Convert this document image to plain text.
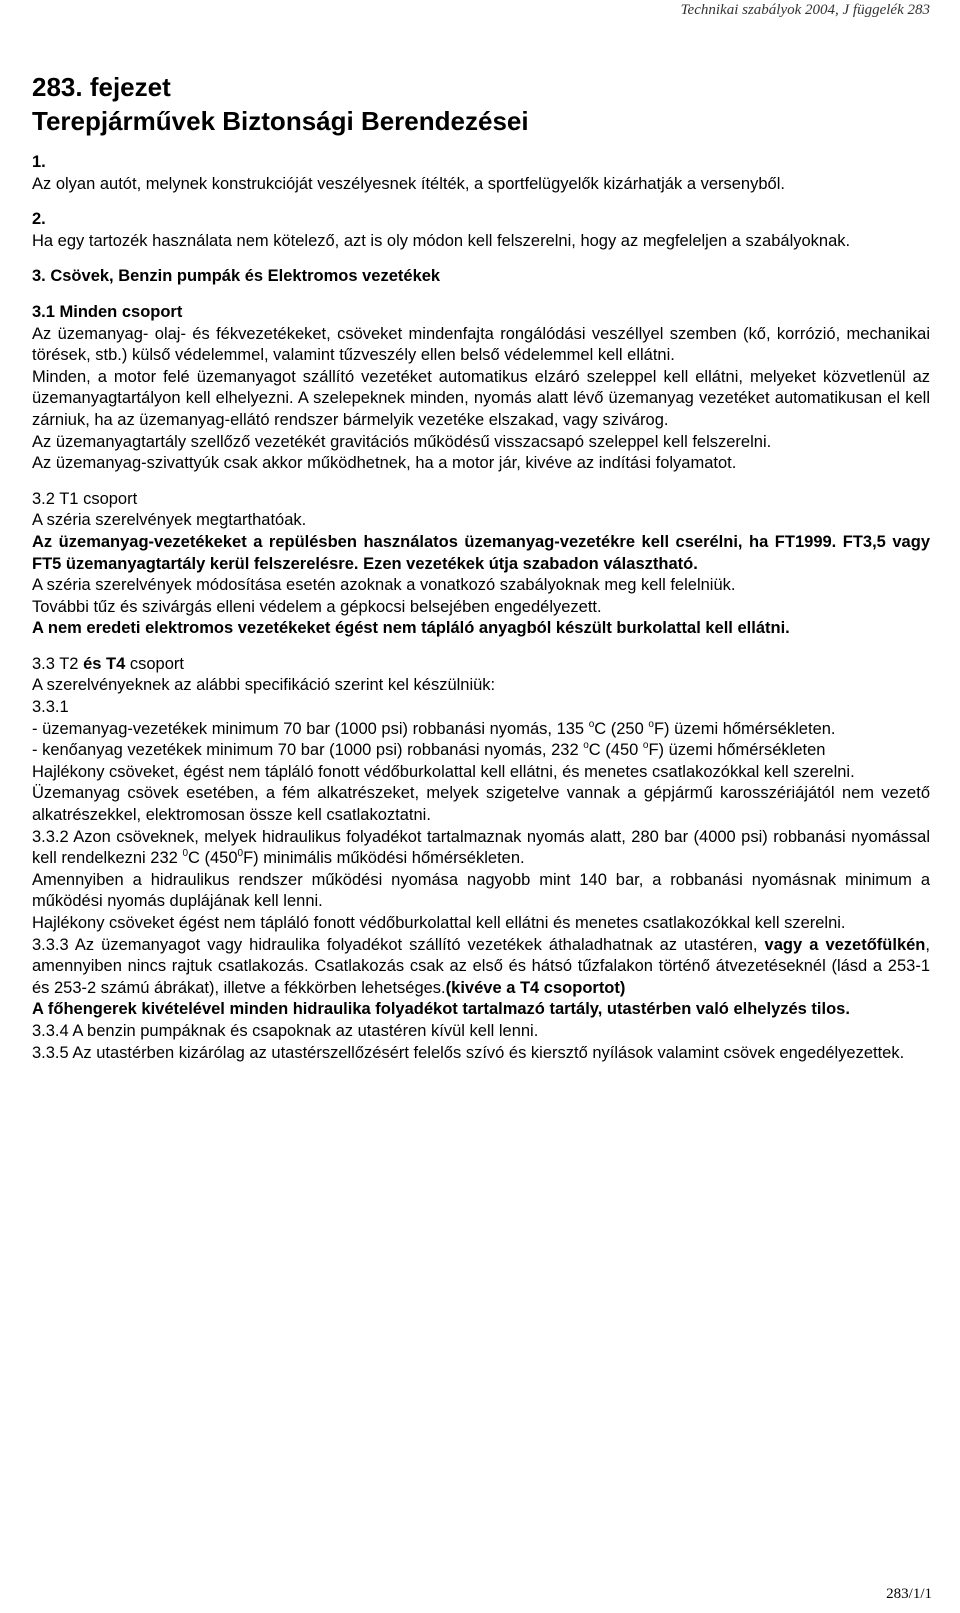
Technikai szabályok 2004, J függelék 283

283. fejezet

Terepjárművek Biztonsági Berendezései

1.

Az olyan autót, melynek konstrukcióját veszélyesnek ítélték, a sportfelügyelők kizárhatják a versenyből.

2.

Ha egy tartozék használata nem kötelező, azt is oly módon kell felszerelni, hogy az megfeleljen a szabályoknak.

3. Csövek, Benzin pumpák és Elektromos vezetékek

3.1 Minden csoport

Az üzemanyag- olaj- és fékvezetékeket, csöveket mindenfajta rongálódási veszéllyel szemben (kő, korrózió, mechanikai törések, stb.) külső védelemmel, valamint tűzveszély ellen belső védelemmel kell ellátni.

Minden, a motor felé üzemanyagot szállító vezetéket automatikus elzáró szeleppel kell ellátni, melyeket közvetlenül az üzemanyagtartályon kell elhelyezni. A szelepeknek minden, nyomás alatt lévő üzemanyag vezetéket automatikusan el kell zárniuk, ha az üzemanyag-ellátó rendszer bármelyik vezetéke elszakad, vagy szivárog.

Az üzemanyagtartály szellőző vezetékét gravitációs működésű visszacsapó szeleppel kell felszerelni.

Az üzemanyag-szivattyúk csak akkor működhetnek, ha a motor jár, kivéve az indítási folyamatot.

3.2 T1 csoport

A széria szerelvények megtarthatóak.

Az üzemanyag-vezetékeket a repülésben használatos üzemanyag-vezetékre kell cserélni, ha FT1999. FT3,5 vagy FT5 üzemanyagtartály kerül felszerelésre. Ezen vezetékek útja szabadon választható.

A széria szerelvények módosítása esetén azoknak a vonatkozó szabályoknak meg kell felelniük.

További tűz és szivárgás elleni védelem a gépkocsi belsejében engedélyezett.

A nem eredeti elektromos vezetékeket égést nem tápláló anyagból készült burkolattal kell ellátni.

3.3 T2 és T4 csoport

A szerelvényeknek az alábbi specifikáció szerint kel készülniük:

3.3.1

- üzemanyag-vezetékek minimum 70 bar (1000 psi) robbanási nyomás, 135 $^o$C (250 $^o$F) üzemi hőmérsékleten.

- kenőanyag vezetékek minimum 70 bar (1000 psi) robbanási nyomás, 232 $^o$C (450 $^o$F) üzemi hőmérsékleten

Hajlékony csöveket, égést nem tápláló fonott védőburkolattal kell ellátni, és menetes csatlakozókkal kell szerelni.

Üzemanyag csövek esetében, a fém alkatrészeket, melyek szigetelve vannak a gépjármű karosszériájától nem vezető alkatrészekkel, elektromosan össze kell csatlakoztatni.

3.3.2 Azon csöveknek, melyek hidraulikus folyadékot tartalmaznak nyomás alatt, 280 bar (4000 psi) robbanási nyomással kell rendelkezni 232 $^0$C $(450^0F)$ minimális működési hőmérsékleten.

Amennyiben a hidraulikus rendszer működési nyomása nagyobb mint 140 bar, a robbanási nyomásnak minimum a működési nyomás duplájának kell lenni.

Hajlékony csöveket égést nem tápláló fonott védőburkolattal kell ellátni és menetes csatlakozókkal kell szerelni.

3.3.3 Az üzemanyagot vagy hidraulika folyadékot szállító vezetékek áthaladhatnak az utastéren, vagy a vezetőfülkén, amennyiben nincs rajtuk csatlakozás. Csatlakozás csak az első és hátsó tűzfalakon történő átvezetéseknél (lásd a 253-1 és 253-2 számú ábrákat), illetve a fékkörben lehetséges.(kivéve a T4 csoportot)

A főhengerek kivételével minden hidraulika folyadékot tartalmazó tartály, utastérben való elhelyzés tilos.

3.3.4 A benzin pumpáknak és csapoknak az utastéren kívül kell lenni.

3.3.5 Az utastérben kizárólag az utastérszellőzésért felelős szívó és kiersztő nyílások valamint csövek engedélyezettek.

283/1/1
